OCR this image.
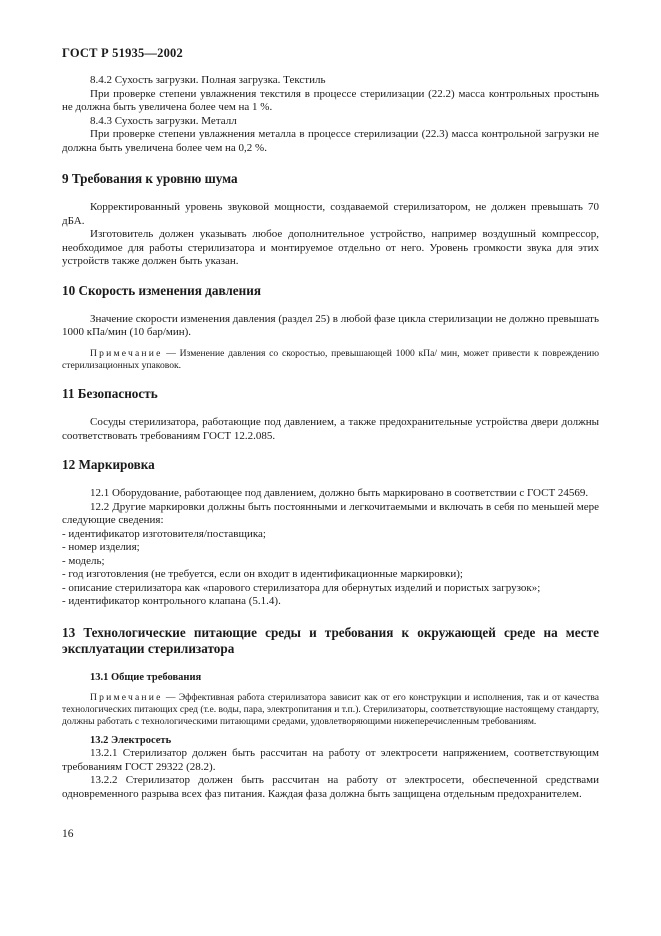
ГОСТ Р 51935—2002

8.4.2 Сухость загрузки. Полная загрузка. Текстиль

При проверке степени увлажнения текстиля в процессе стерилизации (22.2) масса контрольных простынь не должна быть увеличена более чем на 1 %.

8.4.3 Сухость загрузки. Металл

При проверке степени увлажнения металла в процессе стерилизации (22.3) масса контрольной загрузки не должна быть увеличена более чем на 0,2 %.

9 Требования к уровню шума

Корректированный уровень звуковой мощности, создаваемой стерилизатором, не должен превышать 70 дБА.

Изготовитель должен указывать любое дополнительное устройство, например воздушный компрессор, необходимое для работы стерилизатора и монтируемое отдельно от него. Уровень громкости звука для этих устройств также должен быть указан.

10 Скорость изменения давления

Значение скорости изменения давления (раздел 25) в любой фазе цикла стерилизации не должно превышать 1000 кПа/мин (10 бар/мин).

Примечание — Изменение давления со скоростью, превышающей 1000 кПа/ мин, может привести к повреждению стерилизационных упаковок.

11 Безопасность

Сосуды стерилизатора, работающие под давлением, а также предохранительные устройства двери должны соответствовать требованиям ГОСТ 12.2.085.

12 Маркировка

12.1 Оборудование, работающее под давлением, должно быть маркировано в соответствии с ГОСТ 24569.

12.2 Другие маркировки должны быть постоянными и легкочитаемыми и включать в себя по меньшей мере следующие сведения:

- идентификатор изготовителя/поставщика;

- номер изделия;

- модель;

- год изготовления (не требуется, если он входит в идентификационные маркировки);

- описание стерилизатора как «парового стерилизатора для обернутых изделий и пористых загрузок»;

- идентификатор контрольного клапана (5.1.4).

13 Технологические питающие среды и требования к окружающей среде на месте эксплуатации стерилизатора

13.1 Общие требования

Примечание — Эффективная работа стерилизатора зависит как от его конструкции и исполнения, так и от качества технологических питающих сред (т.е. воды, пара, электропитания и т.п.). Стерилизаторы, соответствующие настоящему стандарту, должны работать с технологическими питающими средами, удовлетворяющими нижеперечисленным требованиям.

13.2 Электросеть

13.2.1 Стерилизатор должен быть рассчитан на работу от электросети напряжением, соответствующим требованиям ГОСТ 29322 (28.2).

13.2.2 Стерилизатор должен быть рассчитан на работу от электросети, обеспеченной средствами одновременного разрыва всех фаз питания. Каждая фаза должна быть защищена отдельным предохранителем.

16
